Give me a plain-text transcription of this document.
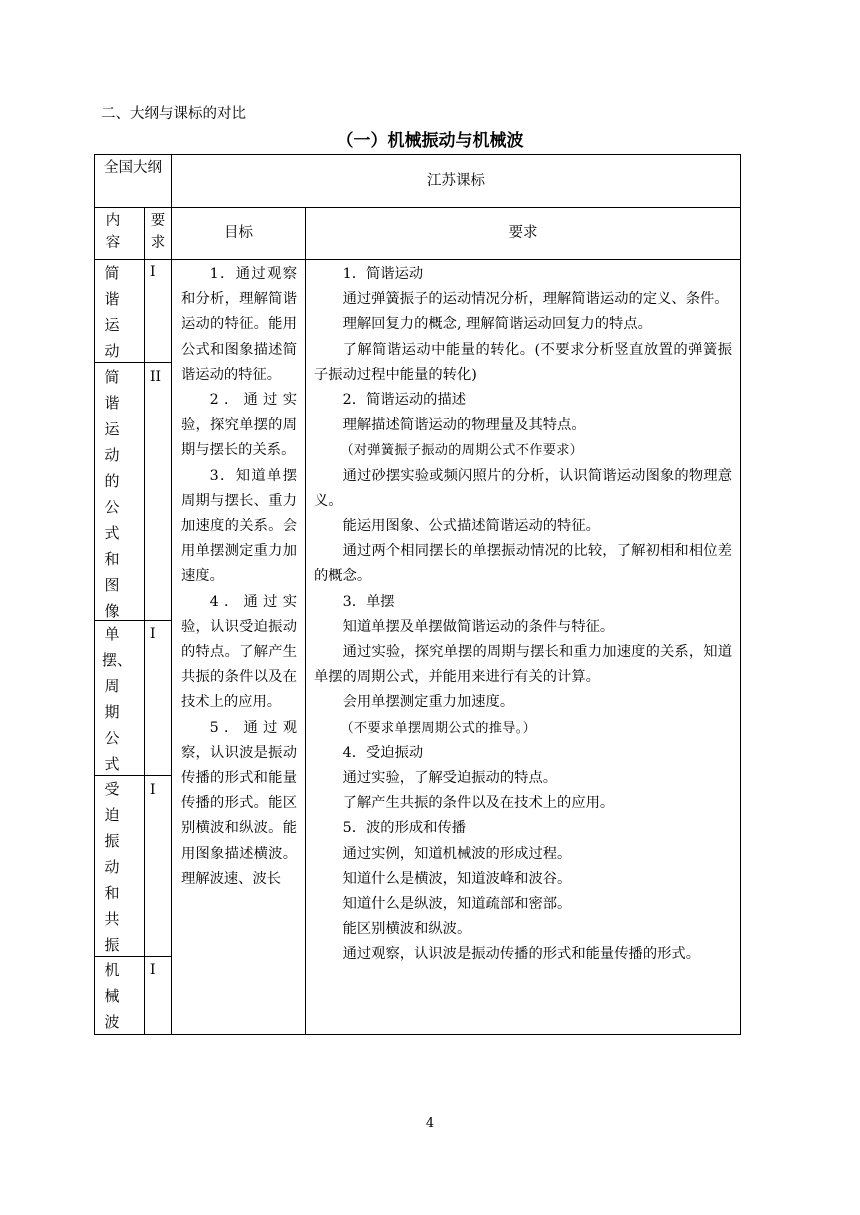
二、大纲与课标的对比
（一）机械振动与机械波
全国大纲
江苏课标
内容
要求
目标	要求
简谐运动
简谐运动的公式和图像
单摆、周期公式
受迫振动和共振
机械波
I
II
I
I
I

1．通过观察和分析，理解简谐运动的特征。能用公式和图象描述简谐运动的特征。

2．通过实验，探究单摆的周期与摆长的关系。

3．知道单摆周期与摆长、重力加速度的关系。会用单摆测定重力加速度。

4．通过实验，认识受迫振动的特点。了解产生共振的条件以及在技术上的应用。

5．通过观察，认识波是振动传播的形式和能量传播的形式。能区别横波和纵波。能用图象描述横波。理解波速、波长

1．简谐运动

通过弹簧振子的运动情况分析，理解简谐运动的定义、条件。

理解回复力的概念, 理解简谐运动回复力的特点。

了解简谐运动中能量的转化。(不要求分析竖直放置的弹簧振子振动过程中能量的转化)

2．简谐运动的描述

理解描述简谐运动的物理量及其特点。

（对弹簧振子振动的周期公式不作要求）

通过砂摆实验或频闪照片的分析，认识简谐运动图象的物理意义。

能运用图象、公式描述简谐运动的特征。

通过两个相同摆长的单摆振动情况的比较，了解初相和相位差的概念。

3．单摆

知道单摆及单摆做简谐运动的条件与特征。

通过实验，探究单摆的周期与摆长和重力加速度的关系，知道单摆的周期公式，并能用来进行有关的计算。

会用单摆测定重力加速度。

（不要求单摆周期公式的推导。）

4．受迫振动

通过实验，了解受迫振动的特点。

了解产生共振的条件以及在技术上的应用。

5．波的形成和传播

通过实例，知道机械波的形成过程。

知道什么是横波，知道波峰和波谷。

知道什么是纵波，知道疏部和密部。

能区别横波和纵波。

通过观察，认识波是振动传播的形式和能量传播的形式。

4
